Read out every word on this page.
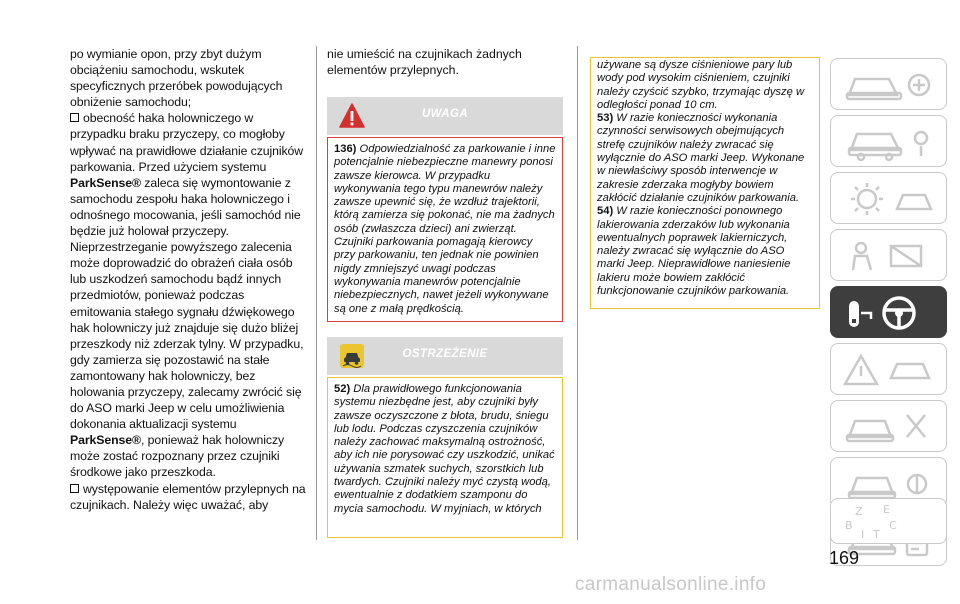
po wymianie opon, przy zbyt dużym obciążeniu samochodu, wskutek specyficznych przeróbek powodujących obniżenie samochodu;

obecność haka holowniczego w przypadku braku przyczepy, co mogłoby wpływać na prawidłowe działanie czujników parkowania. Przed użyciem systemu ParkSense® zaleca się wymontowanie z samochodu zespołu haka holowniczego i odnośnego mocowania, jeśli samochód nie będzie już holował przyczepy. Nieprzestrzeganie powyższego zalecenia może doprowadzić do obrażeń ciała osób lub uszkodzeń samochodu bądź innych przedmiotów, ponieważ podczas emitowania stałego sygnału dźwiękowego hak holowniczy już znajduje się dużo bliżej przeszkody niż zderzak tylny. W przypadku, gdy zamierza się pozostawić na stałe zamontowany hak holowniczy, bez holowania przyczepy, zalecamy zwrócić się do ASO marki Jeep w celu umożliwienia dokonania aktualizacji systemu ParkSense®, ponieważ hak holowniczy może zostać rozpoznany przez czujniki środkowe jako przeszkoda.

występowanie elementów przylepnych na czujnikach. Należy więc uważać, aby

nie umieścić na czujnikach żadnych elementów przylepnych.

UWAGA

136) Odpowiedzialność za parkowanie i inne potencjalnie niebezpieczne manewry ponosi zawsze kierowca. W przypadku wykonywania tego typu manewrów należy zawsze upewnić się, że wzdłuż trajektorii, którą zamierza się pokonać, nie ma żadnych osób (zwłaszcza dzieci) ani zwierząt. Czujniki parkowania pomagają kierowcy przy parkowaniu, ten jednak nie powinien nigdy zmniejszyć uwagi podczas wykonywania manewrów potencjalnie niebezpiecznych, nawet jeżeli wykonywane są one z małą prędkością.

OSTRZEŻENIE

52) Dla prawidłowego funkcjonowania systemu niezbędne jest, aby czujniki były zawsze oczyszczone z błota, brudu, śniegu lub lodu. Podczas czyszczenia czujników należy zachować maksymalną ostrożność, aby ich nie porysować czy uszkodzić, unikać używania szmatek suchych, szorstkich lub twardych. Czujniki należy myć czystą wodą, ewentualnie z dodatkiem szamponu do mycia samochodu. W myjniach, w których

używane są dysze ciśnieniowe pary lub wody pod wysokim ciśnieniem, czujniki należy czyścić szybko, trzymając dyszę w odległości ponad 10 cm.

53) W razie konieczności wykonania czynności serwisowych obejmujących strefę czujników należy zwracać się wyłącznie do ASO marki Jeep. Wykonane w niewłaściwy sposób interwencje w zakresie zderzaka mogłyby bowiem zakłócić działanie czujników parkowania.

54) W razie konieczności ponownego lakierowania zderzaków lub wykonania ewentualnych poprawek lakierniczych, należy zwracać się wyłącznie do ASO marki Jeep. Nieprawidłowe naniesienie lakieru może bowiem zakłócić funkcjonowanie czujników parkowania.

Z E
B	C
I T
169
carmanualsonline.info
